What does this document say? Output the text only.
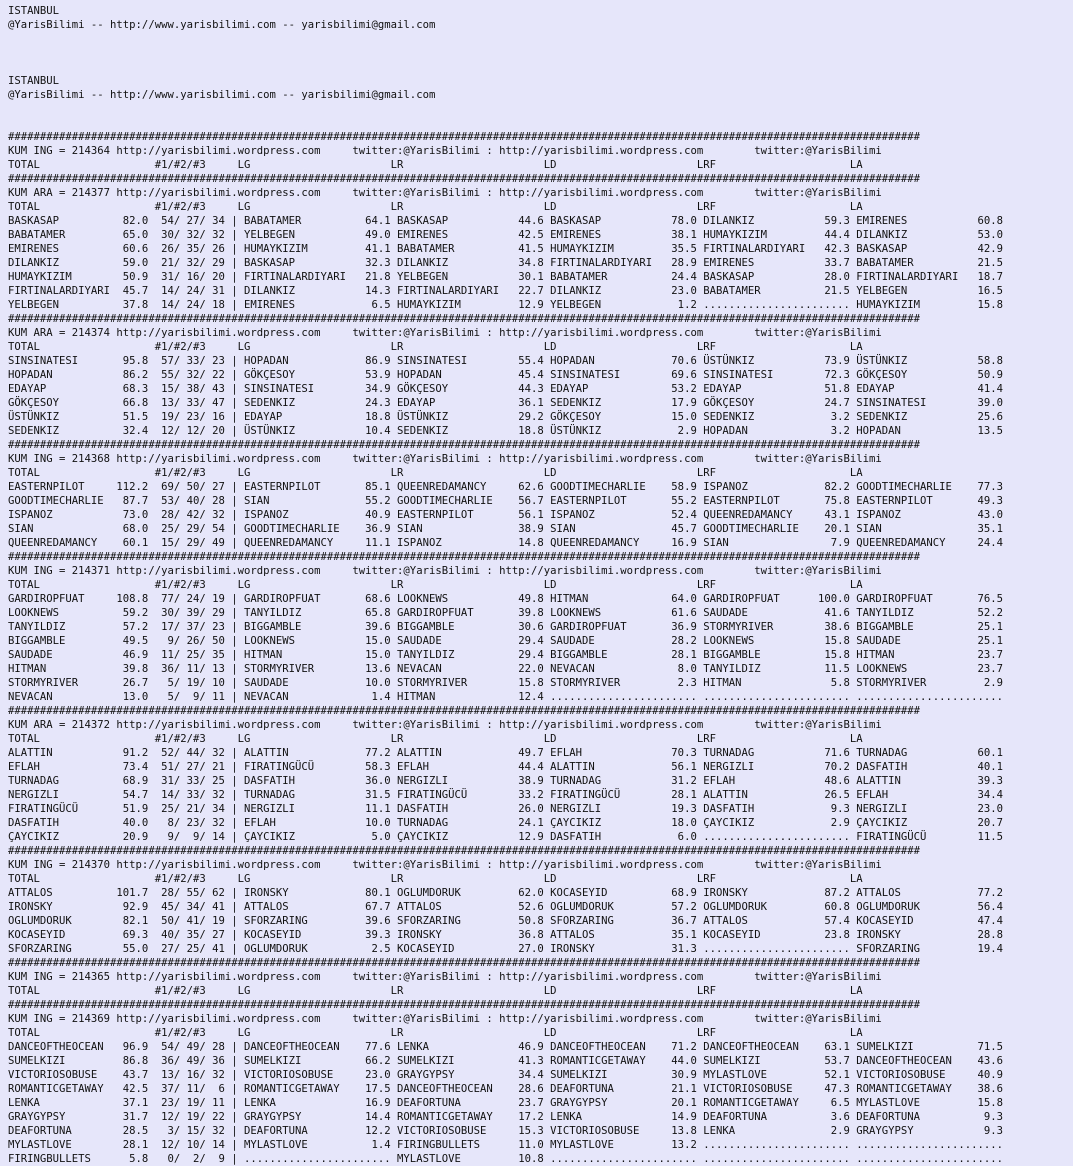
ISTANBUL
@YarisBilimi -- http://www.yarisbilimi.com -- yarisbilimi@gmail.com
ISTANBUL
@YarisBilimi -- http://www.yarisbilimi.com -- yarisbilimi@gmail.com
###############################################################################################################################################
KUM ING = 214364 http://yarisbilimi.wordpress.com     twitter:@YarisBilimi : http://yarisbilimi.wordpress.com        twitter:@YarisBilimi
TOTAL                  #1/#2/#3     LG                      LR                      LD                      LRF                     LA
###############################################################################################################################################
KUM ARA = 214377 http://yarisbilimi.wordpress.com     twitter:@YarisBilimi : http://yarisbilimi.wordpress.com        twitter:@YarisBilimi
TOTAL                  #1/#2/#3     LG                      LR                      LD                      LRF                     LA
BASKASAP          82.0  54/ 27/ 34 | BABATAMER          64.1 BASKASAP           44.6 BASKASAP           78.0 DILANKIZ           59.3 EMIRENES           60.8
BABATAMER         65.0  30/ 32/ 32 | YELBEGEN           49.0 EMIRENES           42.5 EMIRENES           38.1 HUMAYKIZIM         44.4 DILANKIZ           53.0
EMIRENES          60.6  26/ 35/ 26 | HUMAYKIZIM         41.1 BABATAMER          41.5 HUMAYKIZIM         35.5 FIRTINALARDIYARI   42.3 BASKASAP           42.9
DILANKIZ          59.0  21/ 32/ 29 | BASKASAP           32.3 DILANKIZ           34.8 FIRTINALARDIYARI   28.9 EMIRENES           33.7 BABATAMER          21.5
HUMAYKIZIM        50.9  31/ 16/ 20 | FIRTINALARDIYARI   21.8 YELBEGEN           30.1 BABATAMER          24.4 BASKASAP           28.0 FIRTINALARDIYARI   18.7
FIRTINALARDIYARI  45.7  14/ 24/ 31 | DILANKIZ           14.3 FIRTINALARDIYARI   22.7 DILANKIZ           23.0 BABATAMER          21.5 YELBEGEN           16.5
YELBEGEN          37.8  14/ 24/ 18 | EMIRENES            6.5 HUMAYKIZIM         12.9 YELBEGEN            1.2 ....................... HUMAYKIZIM         15.8
###############################################################################################################################################
KUM ARA = 214374 http://yarisbilimi.wordpress.com     twitter:@YarisBilimi : http://yarisbilimi.wordpress.com        twitter:@YarisBilimi
TOTAL                  #1/#2/#3     LG                      LR                      LD                      LRF                     LA
SINSINATESI       95.8  57/ 33/ 23 | HOPADAN            86.9 SINSINATESI        55.4 HOPADAN            70.6 ÜSTÜNKIZ           73.9 ÜSTÜNKIZ           58.8
HOPADAN           86.2  55/ 32/ 22 | GÖKÇESOY           53.9 HOPADAN            45.4 SINSINATESI        69.6 SINSINATESI        72.3 GÖKÇESOY           50.9
EDAYAP            68.3  15/ 38/ 43 | SINSINATESI        34.9 GÖKÇESOY           44.3 EDAYAP             53.2 EDAYAP             51.8 EDAYAP             41.4
GÖKÇESOY          66.8  13/ 33/ 47 | SEDENKIZ           24.3 EDAYAP             36.1 SEDENKIZ           17.9 GÖKÇESOY           24.7 SINSINATESI        39.0
ÜSTÜNKIZ          51.5  19/ 23/ 16 | EDAYAP             18.8 ÜSTÜNKIZ           29.2 GÖKÇESOY           15.0 SEDENKIZ            3.2 SEDENKIZ           25.6
SEDENKIZ          32.4  12/ 12/ 20 | ÜSTÜNKIZ           10.4 SEDENKIZ           18.8 ÜSTÜNKIZ            2.9 HOPADAN             3.2 HOPADAN            13.5
###############################################################################################################################################
KUM ING = 214368 http://yarisbilimi.wordpress.com     twitter:@YarisBilimi : http://yarisbilimi.wordpress.com        twitter:@YarisBilimi
TOTAL                  #1/#2/#3     LG                      LR                      LD                      LRF                     LA
EASTERNPILOT     112.2  69/ 50/ 27 | EASTERNPILOT       85.1 QUEENREDAMANCY     62.6 GOODTIMECHARLIE    58.9 ISPANOZ            82.2 GOODTIMECHARLIE    77.3
GOODTIMECHARLIE   87.7  53/ 40/ 28 | SIAN               55.2 GOODTIMECHARLIE    56.7 EASTERNPILOT       55.2 EASTERNPILOT       75.8 EASTERNPILOT       49.3
ISPANOZ           73.0  28/ 42/ 32 | ISPANOZ            40.9 EASTERNPILOT       56.1 ISPANOZ            52.4 QUEENREDAMANCY     43.1 ISPANOZ            43.0
SIAN              68.0  25/ 29/ 54 | GOODTIMECHARLIE    36.9 SIAN               38.9 SIAN               45.7 GOODTIMECHARLIE    20.1 SIAN               35.1
QUEENREDAMANCY    60.1  15/ 29/ 49 | QUEENREDAMANCY     11.1 ISPANOZ            14.8 QUEENREDAMANCY     16.9 SIAN                7.9 QUEENREDAMANCY     24.4
###############################################################################################################################################
KUM ING = 214371 http://yarisbilimi.wordpress.com     twitter:@YarisBilimi : http://yarisbilimi.wordpress.com        twitter:@YarisBilimi
TOTAL                  #1/#2/#3     LG                      LR                      LD                      LRF                     LA
GARDIROPFUAT     108.8  77/ 24/ 19 | GARDIROPFUAT       68.6 LOOKNEWS           49.8 HITMAN             64.0 GARDIROPFUAT      100.0 GARDIROPFUAT       76.5
LOOKNEWS          59.2  30/ 39/ 29 | TANYILDIZ          65.8 GARDIROPFUAT       39.8 LOOKNEWS           61.6 SAUDADE            41.6 TANYILDIZ          52.2
TANYILDIZ         57.2  17/ 37/ 23 | BIGGAMBLE          39.6 BIGGAMBLE          30.6 GARDIROPFUAT       36.9 STORMYRIVER        38.6 BIGGAMBLE          25.1
BIGGAMBLE         49.5   9/ 26/ 50 | LOOKNEWS           15.0 SAUDADE            29.4 SAUDADE            28.2 LOOKNEWS           15.8 SAUDADE            25.1
SAUDADE           46.9  11/ 25/ 35 | HITMAN             15.0 TANYILDIZ          29.4 BIGGAMBLE          28.1 BIGGAMBLE          15.8 HITMAN             23.7
HITMAN            39.8  36/ 11/ 13 | STORMYRIVER        13.6 NEVACAN            22.0 NEVACAN             8.0 TANYILDIZ          11.5 LOOKNEWS           23.7
STORMYRIVER       26.7   5/ 19/ 10 | SAUDADE            10.0 STORMYRIVER        15.8 STORMYRIVER         2.3 HITMAN              5.8 STORMYRIVER         2.9
NEVACAN           13.0   5/  9/ 11 | NEVACAN             1.4 HITMAN             12.4 ....................... ....................... .......................
###############################################################################################################################################
KUM ARA = 214372 http://yarisbilimi.wordpress.com     twitter:@YarisBilimi : http://yarisbilimi.wordpress.com        twitter:@YarisBilimi
TOTAL                  #1/#2/#3     LG                      LR                      LD                      LRF                     LA
ALATTIN           91.2  52/ 44/ 32 | ALATTIN            77.2 ALATTIN            49.7 EFLAH              70.3 TURNADAG           71.6 TURNADAG           60.1
EFLAH             73.4  51/ 27/ 21 | FIRATINGÜCÜ        58.3 EFLAH              44.4 ALATTIN            56.1 NERGIZLI           70.2 DASFATIH           40.1
TURNADAG          68.9  31/ 33/ 25 | DASFATIH           36.0 NERGIZLI           38.9 TURNADAG           31.2 EFLAH              48.6 ALATTIN            39.3
NERGIZLI          54.7  14/ 33/ 32 | TURNADAG           31.5 FIRATINGÜCÜ        33.2 FIRATINGÜCÜ        28.1 ALATTIN            26.5 EFLAH              34.4
FIRATINGÜCÜ       51.9  25/ 21/ 34 | NERGIZLI           11.1 DASFATIH           26.0 NERGIZLI           19.3 DASFATIH            9.3 NERGIZLI           23.0
DASFATIH          40.0   8/ 23/ 32 | EFLAH              10.0 TURNADAG           24.1 ÇAYCIKIZ           18.0 ÇAYCIKIZ            2.9 ÇAYCIKIZ           20.7
ÇAYCIKIZ          20.9   9/  9/ 14 | ÇAYCIKIZ            5.0 ÇAYCIKIZ           12.9 DASFATIH            6.0 ....................... FIRATINGÜCÜ        11.5
###############################################################################################################################################
KUM ING = 214370 http://yarisbilimi.wordpress.com     twitter:@YarisBilimi : http://yarisbilimi.wordpress.com        twitter:@YarisBilimi
TOTAL                  #1/#2/#3     LG                      LR                      LD                      LRF                     LA
ATTALOS          101.7  28/ 55/ 62 | IRONSKY            80.1 OGLUMDORUK         62.0 KOCASEYID          68.9 IRONSKY            87.2 ATTALOS            77.2
IRONSKY           92.9  45/ 34/ 41 | ATTALOS            67.7 ATTALOS            52.6 OGLUMDORUK         57.2 OGLUMDORUK         60.8 OGLUMDORUK         56.4
OGLUMDORUK        82.1  50/ 41/ 19 | SFORZARING         39.6 SFORZARING         50.8 SFORZARING         36.7 ATTALOS            57.4 KOCASEYID          47.4
KOCASEYID         69.3  40/ 35/ 27 | KOCASEYID          39.3 IRONSKY            36.8 ATTALOS            35.1 KOCASEYID          23.8 IRONSKY            28.8
SFORZARING        55.0  27/ 25/ 41 | OGLUMDORUK          2.5 KOCASEYID          27.0 IRONSKY            31.3 ....................... SFORZARING         19.4
###############################################################################################################################################
KUM ING = 214365 http://yarisbilimi.wordpress.com     twitter:@YarisBilimi : http://yarisbilimi.wordpress.com        twitter:@YarisBilimi
TOTAL                  #1/#2/#3     LG                      LR                      LD                      LRF                     LA
###############################################################################################################################################
KUM ING = 214369 http://yarisbilimi.wordpress.com     twitter:@YarisBilimi : http://yarisbilimi.wordpress.com        twitter:@YarisBilimi
TOTAL                  #1/#2/#3     LG                      LR                      LD                      LRF                     LA
DANCEOFTHEOCEAN   96.9  54/ 49/ 28 | DANCEOFTHEOCEAN    77.6 LENKA              46.9 DANCEOFTHEOCEAN    71.2 DANCEOFTHEOCEAN    63.1 SUMELKIZI          71.5
SUMELKIZI         86.8  36/ 49/ 36 | SUMELKIZI          66.2 SUMELKIZI          41.3 ROMANTICGETAWAY    44.0 SUMELKIZI          53.7 DANCEOFTHEOCEAN    43.6
VICTORIOSOBUSE    43.7  13/ 16/ 32 | VICTORIOSOBUSE     23.0 GRAYGYPSY          34.4 SUMELKIZI          30.9 MYLASTLOVE         52.1 VICTORIOSOBUSE     40.9
ROMANTICGETAWAY   42.5  37/ 11/  6 | ROMANTICGETAWAY    17.5 DANCEOFTHEOCEAN    28.6 DEAFORTUNA         21.1 VICTORIOSOBUSE     47.3 ROMANTICGETAWAY    38.6
LENKA             37.1  23/ 19/ 11 | LENKA              16.9 DEAFORTUNA         23.7 GRAYGYPSY          20.1 ROMANTICGETAWAY     6.5 MYLASTLOVE         15.8
GRAYGYPSY         31.7  12/ 19/ 22 | GRAYGYPSY          14.4 ROMANTICGETAWAY    17.2 LENKA              14.9 DEAFORTUNA          3.6 DEAFORTUNA          9.3
DEAFORTUNA        28.5   3/ 15/ 32 | DEAFORTUNA         12.2 VICTORIOSOBUSE     15.3 VICTORIOSOBUSE     13.8 LENKA               2.9 GRAYGYPSY           9.3
MYLASTLOVE        28.1  12/ 10/ 14 | MYLASTLOVE          1.4 FIRINGBULLETS      11.0 MYLASTLOVE         13.2 ....................... .......................
FIRINGBULLETS      5.8   0/  2/  9 | ....................... MYLASTLOVE         10.8 ....................... ....................... .......................
